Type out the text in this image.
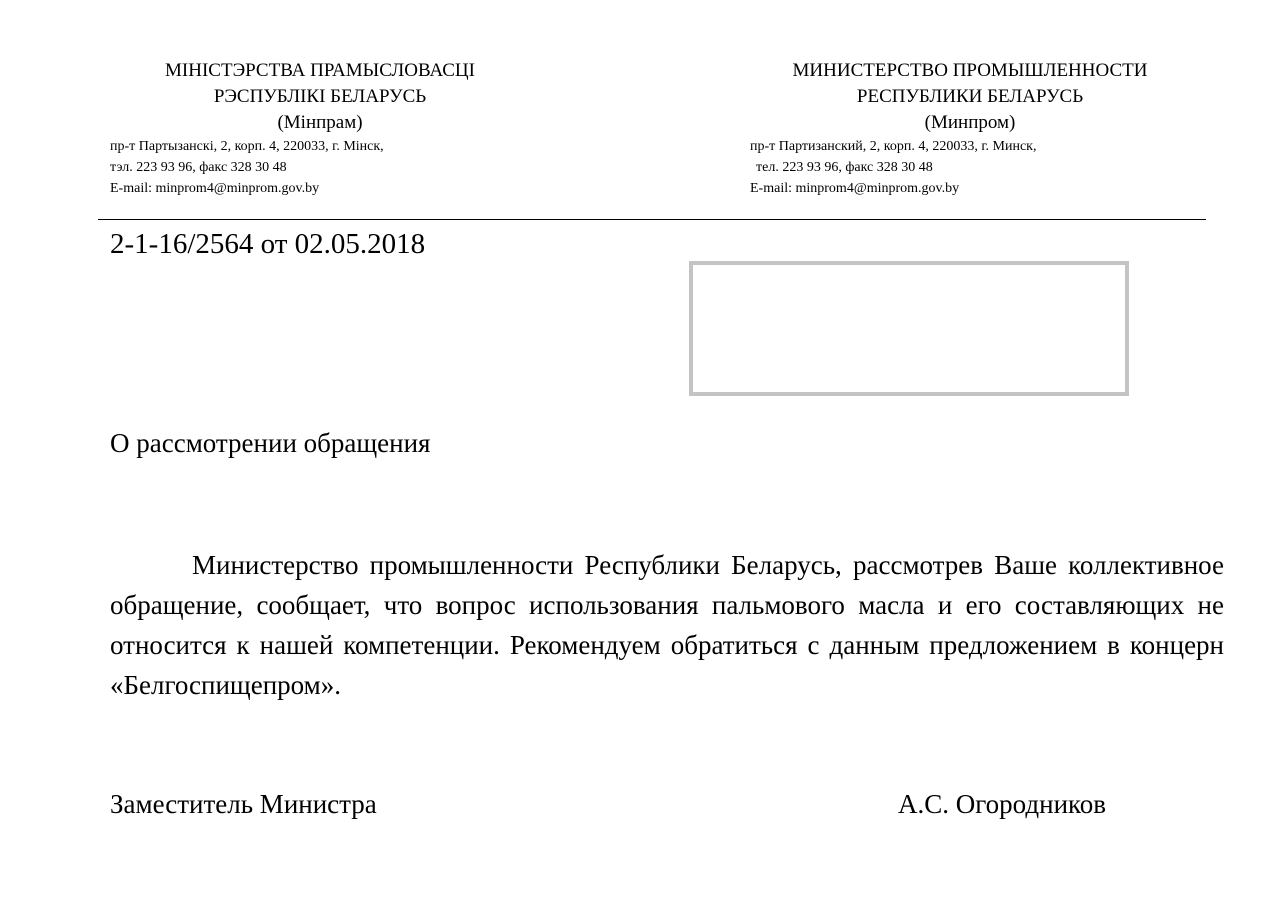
МІНІСТЭРСТВА ПРАМЫСЛОВАСЦІ
РЭСПУБЛІКІ БЕЛАРУСЬ
(Мінпрам)
пр-т Партызанскі, 2, корп. 4, 220033, г. Мінск,
тэл. 223 93 96, факс 328 30 48
E-mail: minprom4@minprom.gov.by
МИНИСТЕРСТВО ПРОМЫШЛЕННОСТИ
РЕСПУБЛИКИ БЕЛАРУСЬ
(Минпром)
пр-т Партизанский, 2, корп. 4, 220033, г. Минск,
тел. 223 93 96, факс 328 30 48
E-mail: minprom4@minprom.gov.by
2-1-16/2564 от 02.05.2018
О рассмотрении обращения

Министерство промышленности Республики Беларусь, рассмотрев Ваше коллективное обращение, сообщает, что вопрос использования пальмового масла и его составляющих не относится к нашей компетенции. Рекомендуем обратиться с данным предложением в концерн «Белгоспищепром».

Заместитель Министра	А.С. Огородников
